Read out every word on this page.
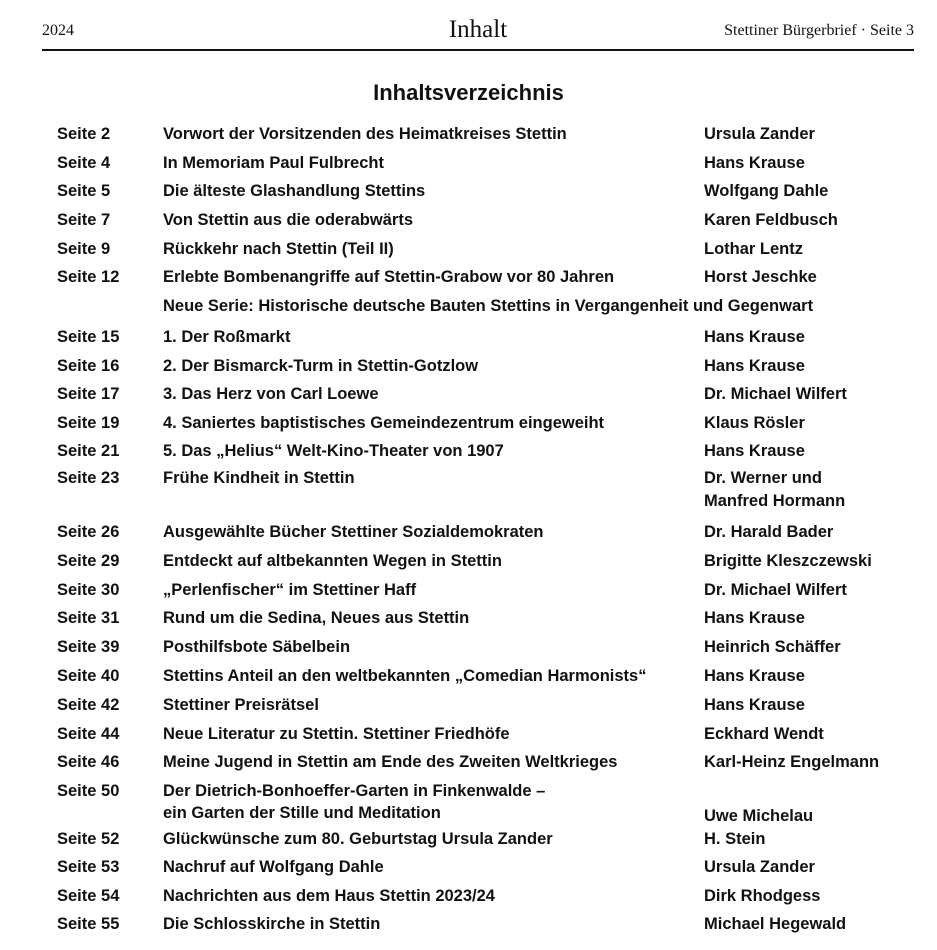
2024	Inhalt	Stettiner Bürgerbrief · Seite 3
Inhaltsverzeichnis
Seite 2	Vorwort der Vorsitzenden des Heimatkreises Stettin	Ursula Zander
Seite 4	In Memoriam Paul Fulbrecht	Hans Krause
Seite 5	Die älteste Glashandlung Stettins	Wolfgang Dahle
Seite 7	Von Stettin aus die oderabwärts	Karen Feldbusch
Seite 9	Rückkehr nach Stettin (Teil II)	Lothar Lentz
Seite 12	Erlebte Bombenangriffe auf Stettin-Grabow vor 80 Jahren	Horst Jeschke
Neue Serie: Historische deutsche Bauten Stettins in Vergangenheit und Gegenwart
Seite 15	1. Der Roßmarkt	Hans Krause
Seite 16	2. Der Bismarck-Turm in Stettin-Gotzlow	Hans Krause
Seite 17	3. Das Herz von Carl Loewe	Dr. Michael Wilfert
Seite 19	4. Saniertes baptistisches Gemeindezentrum eingeweiht	Klaus Rösler
Seite 21	5. Das „Helius“ Welt-Kino-Theater von 1907	Hans Krause
Seite 23	Frühe Kindheit in Stettin	Dr. Werner und
Manfred Hormann
Seite 26	Ausgewählte Bücher Stettiner Sozialdemokraten	Dr. Harald Bader
Seite 29	Entdeckt auf altbekannten Wegen in Stettin	Brigitte Kleszczewski
Seite 30	„Perlenfischer“ im Stettiner Haff	Dr. Michael Wilfert
Seite 31	Rund um die Sedina, Neues aus Stettin	Hans Krause
Seite 39	Posthilfsbote Säbelbein	Heinrich Schäffer
Seite 40	Stettins Anteil an den weltbekannten „Comedian Harmonists“	Hans Krause
Seite 42	Stettiner Preisrätsel	Hans Krause
Seite 44	Neue Literatur zu Stettin. Stettiner Friedhöfe	Eckhard Wendt
Seite 46	Meine Jugend in Stettin am Ende des Zweiten Weltkrieges	Karl-Heinz Engelmann
Seite 50	Der Dietrich-Bonhoeffer-Garten in Finkenwalde –
ein Garten der Stille und Meditation	Uwe Michelau
Seite 52	Glückwünsche zum 80. Geburtstag Ursula Zander	H. Stein
Seite 53	Nachruf auf Wolfgang Dahle	Ursula Zander
Seite 54	Nachrichten aus dem Haus Stettin 2023/24	Dirk Rhodgess
Seite 55	Die Schlosskirche in Stettin	Michael Hegewald
